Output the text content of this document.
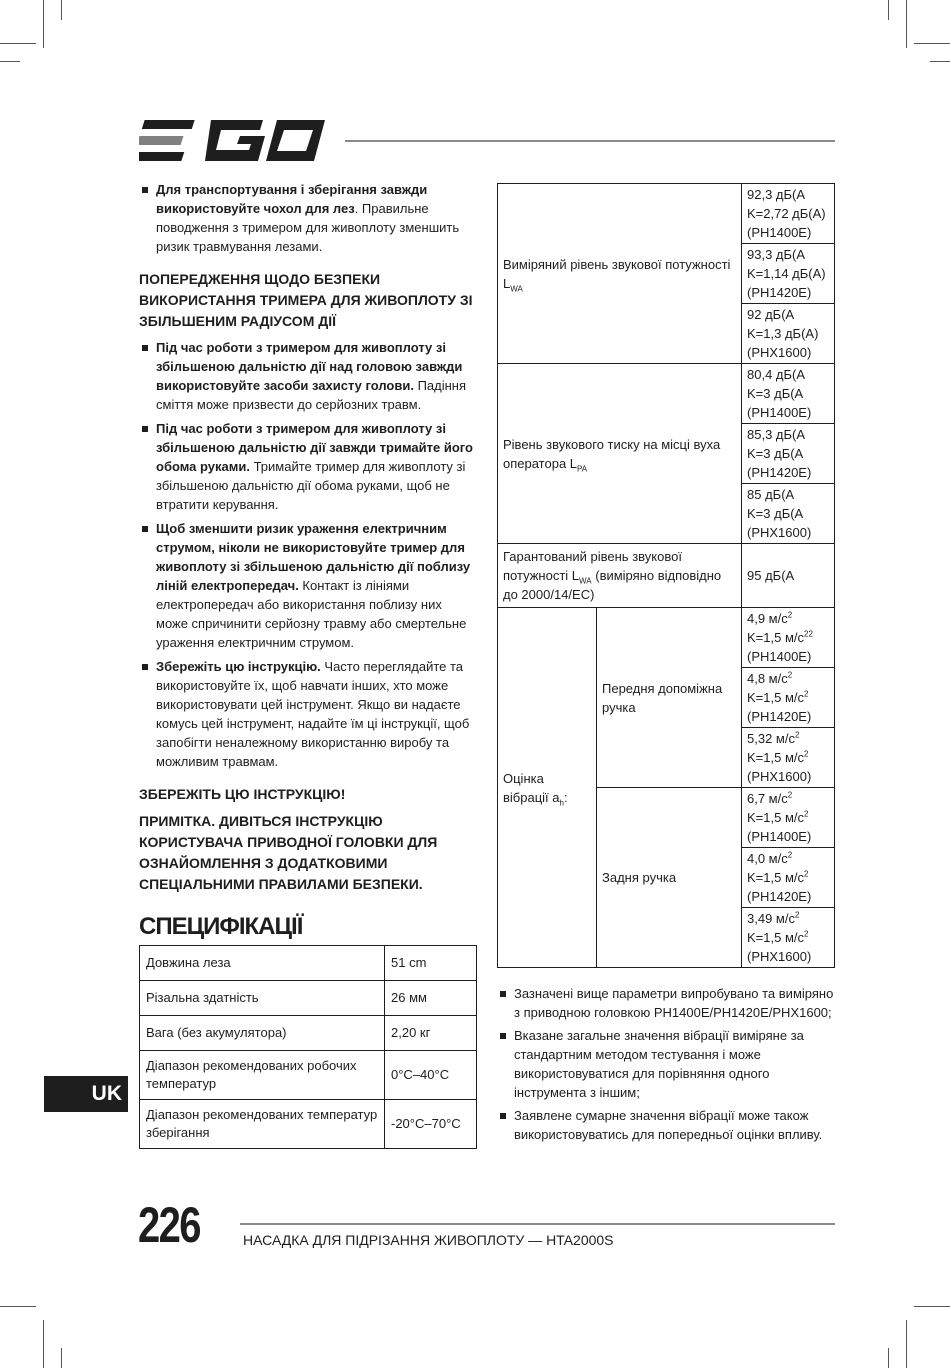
Для транспортування і зберігання завжди використовуйте чохол для лез. Правильне поводження з тримером для живоплоту зменшить ризик травмування лезами.
ПОПЕРЕДЖЕННЯ ЩОДО БЕЗПЕКИ ВИКОРИСТАННЯ ТРИМЕРА ДЛЯ ЖИВОПЛОТУ ЗІ ЗБІЛЬШЕНИМ РАДІУСОМ ДІЇ
Під час роботи з тримером для живоплоту зі збільшеною дальністю дії над головою завжди використовуйте засоби захисту голови. Падіння сміття може призвести до серйозних травм.
Під час роботи з тримером для живоплоту зі збільшеною дальністю дії завжди тримайте його обома руками. Тримайте тример для живоплоту зі збільшеною дальністю дії обома руками, щоб не втратити керування.
Щоб зменшити ризик ураження електричним струмом, ніколи не використовуйте тример для живоплоту зі збільшеною дальністю дії поблизу ліній електропередач. Контакт із лініями електропередач або використання поблизу них може спричинити серйозну травму або смертельне ураження електричним струмом.
Збережіть цю інструкцію. Часто переглядайте та використовуйте їх, щоб навчати інших, хто може використовувати цей інструмент. Якщо ви надаєте комусь цей інструмент, надайте їм ці інструкції, щоб запобігти неналежному використанню виробу та можливим травмам.
ЗБЕРЕЖІТЬ ЦЮ ІНСТРУКЦІЮ!
ПРИМІТКА. ДИВІТЬСЯ ІНСТРУКЦІЮ КОРИСТУВАЧА ПРИВОДНОЇ ГОЛОВКИ ДЛЯ ОЗНАЙОМЛЕННЯ З ДОДАТКОВИМИ СПЕЦІАЛЬНИМИ ПРАВИЛАМИ БЕЗПЕКИ.
СПЕЦИФІКАЦІЇ
Довжина леза	51 cm
Різальна здатність	26 мм
Вага (без акумулятора)	2,20 кг
Діапазон рекомендованих робочих температур	0°C–40°C
Діапазон рекомендованих температур зберігання	-20°C–70°C
Виміряний рівень звукової потужності $L_{WA}$		92,3 дБ(А
K=2,72 дБ(А)
(PH1400E)
		93,3 дБ(А
K=1,14 дБ(А)
(PH1420E)
		92 дБ(А
K=1,3 дБ(А)
(PHX1600)
Рівень звукового тиску на місці вуха оператора $L_{PA}$		80,4 дБ(А
K=3 дБ(А
(PH1400E)
		85,3 дБ(А
K=3 дБ(А
(PH1420E)
		85 дБ(А
K=3 дБ(А
(PHX1600)
Гарантований рівень звукової потужності $L_{WA}$ (виміряно відповідно до 2000/14/EC)		95 дБ(А
Оцінка вібрації $a_h$:	Передня допоміжна ручка	4,9 $м/с^2$
K=1,5 $м/с^{22}$
(PH1400E)
		4,8 $м/с^2$
K=1,5 $м/с^2$
(PH1420E)
		5,32 $м/с^2$
K=1,5 $м/с^2$
(PHX1600)
	Задня ручка	6,7 $м/с^2$
K=1,5 $м/с^2$
(PH1400E)
		4,0 $м/с^2$
K=1,5 $м/с^2$
(PH1420E)
		3,49 $м/с^2$
K=1,5 $м/с^2$
(PHX1600)
Зазначені вище параметри випробувано та виміряно з приводною головкою PH1400E/PH1420E/PHX1600;
Вказане загальне значення вібрації виміряне за стандартним методом тестування і може використовуватися для порівняння одного інструмента з іншим;
Заявлене сумарне значення вібрації може також використовуватись для попередньої оцінки впливу.
UK
226	НАСАДКА ДЛЯ ПІДРІЗАННЯ ЖИВОПЛОТУ — HTA2000S
